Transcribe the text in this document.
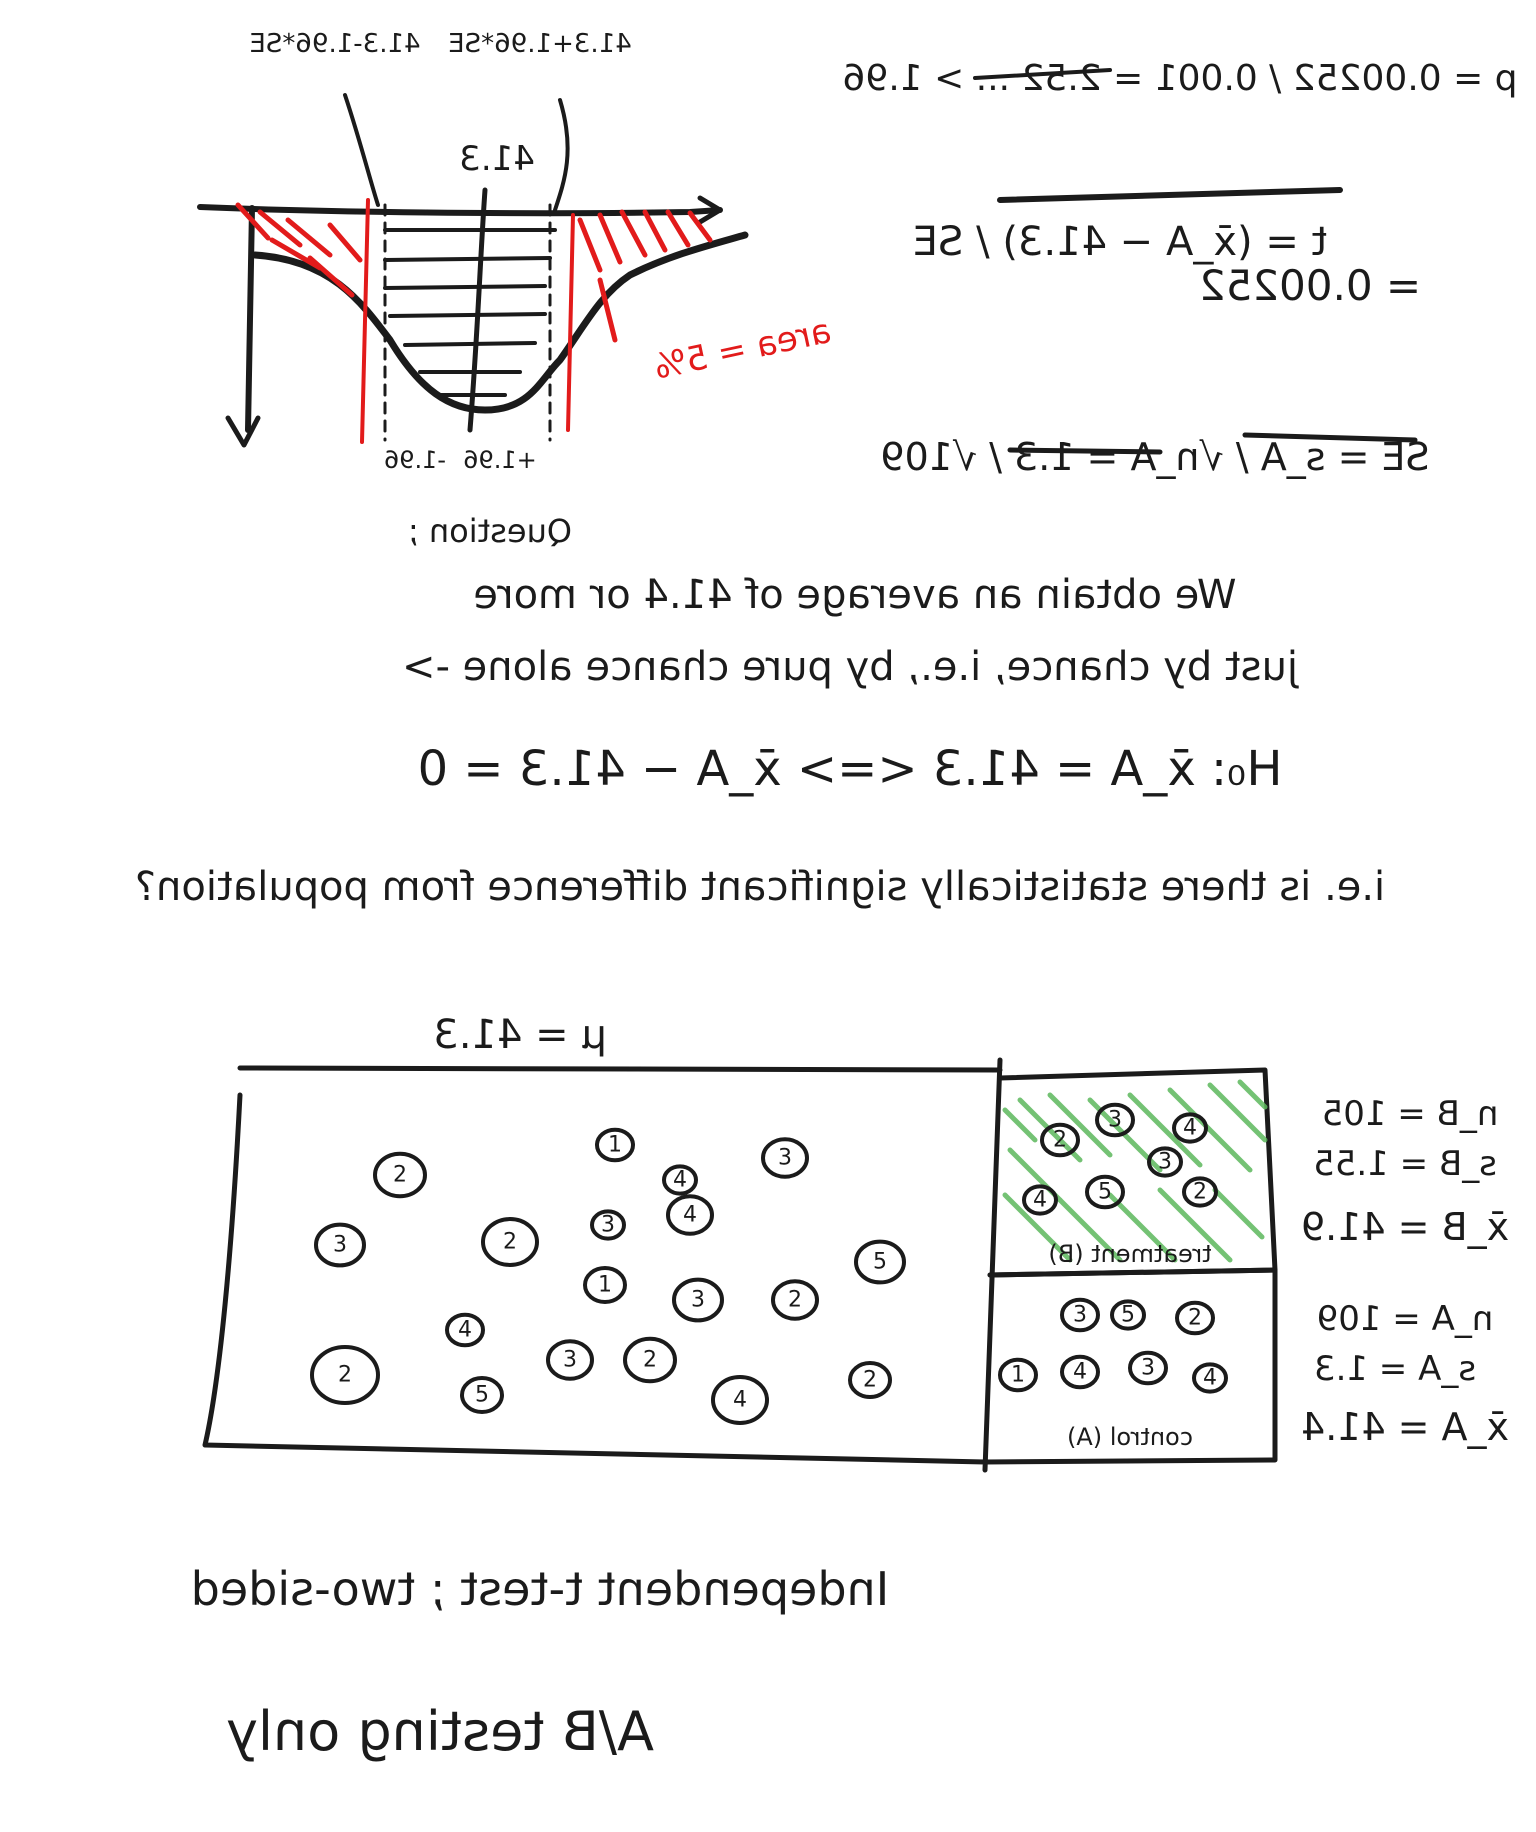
41.3-1.96*SE 41.3+1.96*SE
41.3
-1.96 +1.96
area = 5%
p = 0.00252 / 0.001 = 2.52 ... > 1.96
t = (x̄_A − 41.3) / SE
= 0.00252
SE = s_A / √n_A = 1.3 / √109
Question ;
We obtain an average of 41.4 or more
just by chance, i.e., by pure chance alone ->
H₀: x̄_A = 41.3 <=> x̄_A − 41.3 = 0
i.e. is there statistically significant difference from population?
μ = 41.3
2
3
1
3
2
4
5
2
4
3
1
4
2
3
2
5	4
2
3
2
3	4
3
4 5	2
3 5 2
1 4 3 4
treatment (B)
control (A)
n_B = 105
s_B = 1.55
x̄_B = 41.9
n_A = 109
s_A = 1.3
x̄_A = 41.4
Independent t-test ; two-sided
A/B testing only
